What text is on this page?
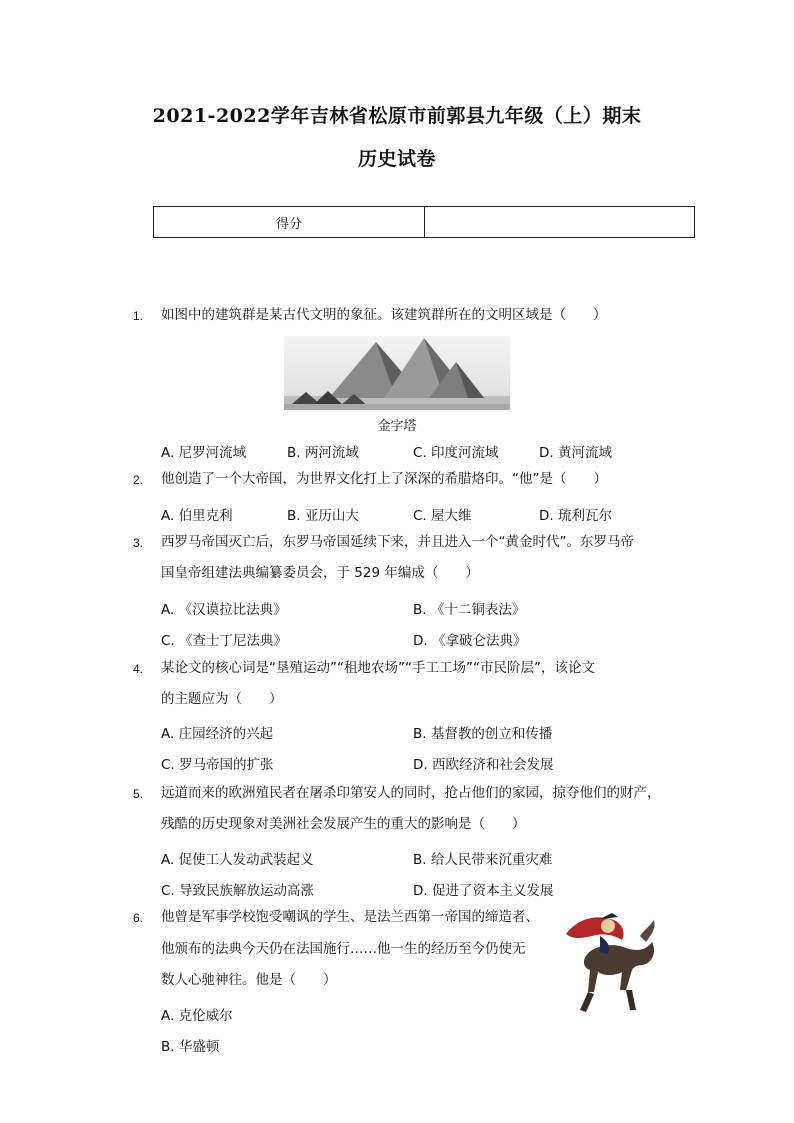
2021-2022学年吉林省松原市前郭县九年级（上）期末
历史试卷
得分	
1.	如图中的建筑群是某古代文明的象征。该建筑群所在的文明区域是（　　）
金字塔
A. 尼罗河流域	B. 两河流域	C. 印度河流域	D. 黄河流域
2.	他创造了一个大帝国，为世界文化打上了深深的希腊烙印。“他”是（　　）
A. 伯里克利	B. 亚历山大	C. 屋大维	D. 琉利瓦尔
3.	西罗马帝国灭亡后，东罗马帝国延续下来，并且进入一个“黄金时代”。东罗马帝
国皇帝组建法典编纂委员会，于 529 年编成（　　）
A. 《汉谟拉比法典》	B. 《十二铜表法》
C. 《查士丁尼法典》	D. 《拿破仑法典》
4.	某论文的核心词是“垦殖运动”“租地农场”“手工工场”“市民阶层”，该论文
的主题应为（　　）
A. 庄园经济的兴起	B. 基督教的创立和传播
C. 罗马帝国的扩张	D. 西欧经济和社会发展
5.	远道而来的欧洲殖民者在屠杀印第安人的同时，抢占他们的家园，掠夺他们的财产，
残酷的历史现象对美洲社会发展产生的重大的影响是（　　）
A. 促使工人发动武装起义	B. 给人民带来沉重灾难
C. 导致民族解放运动高涨	D. 促进了资本主义发展
6.	他曾是军事学校饱受嘲讽的学生、是法兰西第一帝国的缔造者、
他颁布的法典今天仍在法国施行……他一生的经历至今仍使无
数人心驰神往。他是（　　）
A. 克伦威尔
B. 华盛顿
